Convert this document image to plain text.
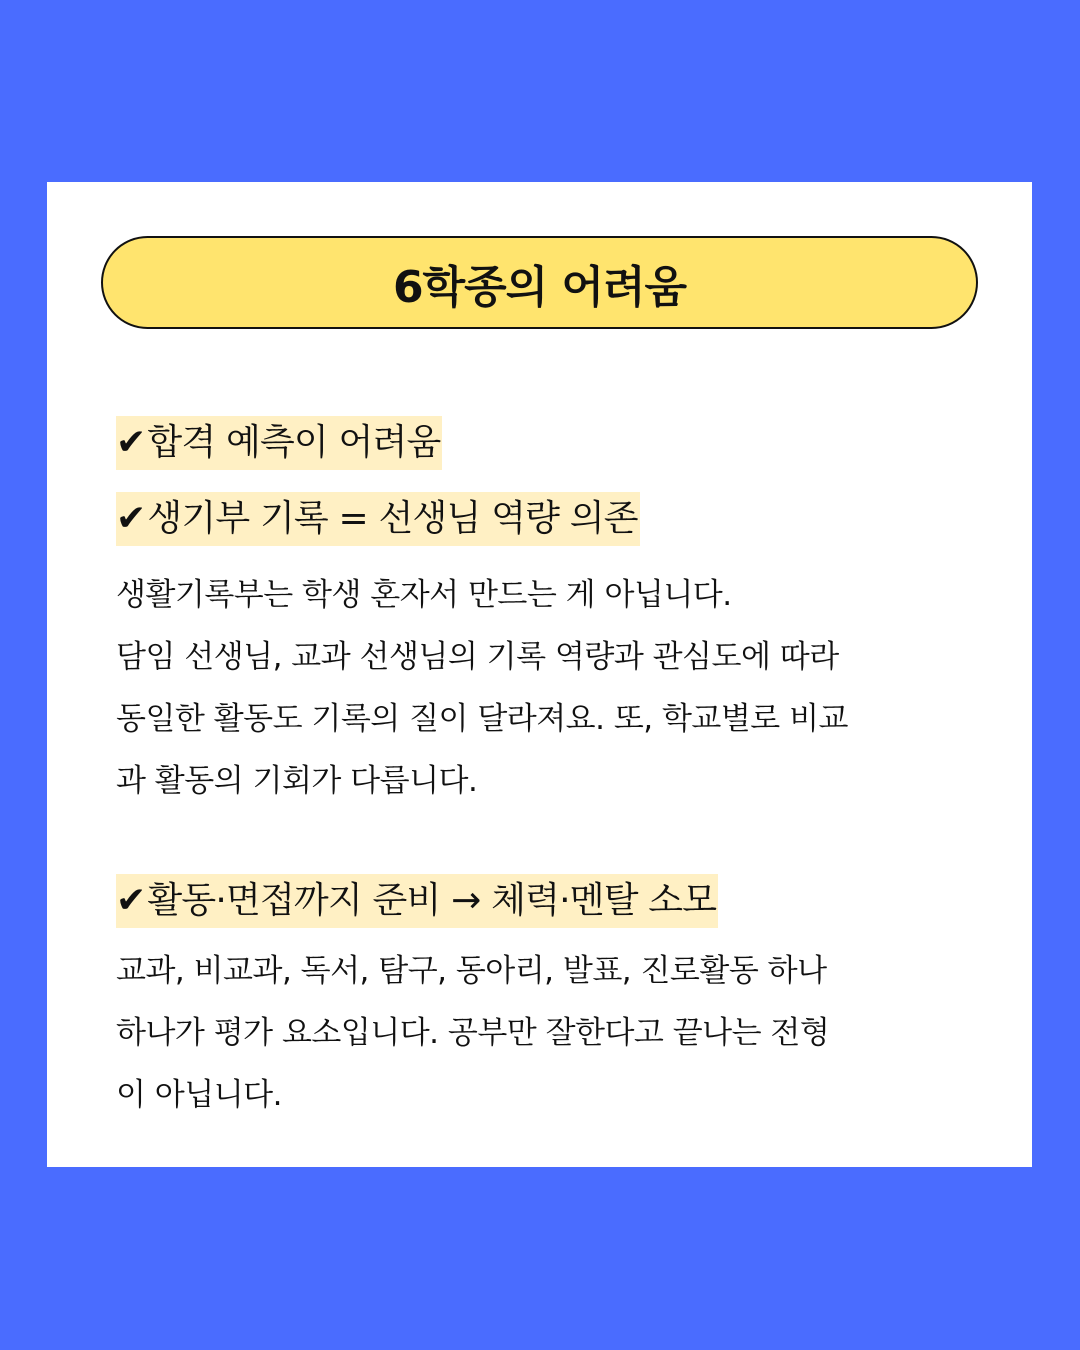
6학종의 어려움
✔합격 예측이 어려움
✔생기부 기록 = 선생님 역량 의존
생활기록부는 학생 혼자서 만드는 게 아닙니다.
담임 선생님, 교과 선생님의 기록 역량과 관심도에 따라
동일한 활동도 기록의 질이 달라져요. 또, 학교별로 비교
과 활동의 기회가 다릅니다.
✔활동·면접까지 준비 → 체력·멘탈 소모
교과, 비교과, 독서, 탐구, 동아리, 발표, 진로활동 하나
하나가 평가 요소입니다. 공부만 잘한다고 끝나는 전형
이 아닙니다.
